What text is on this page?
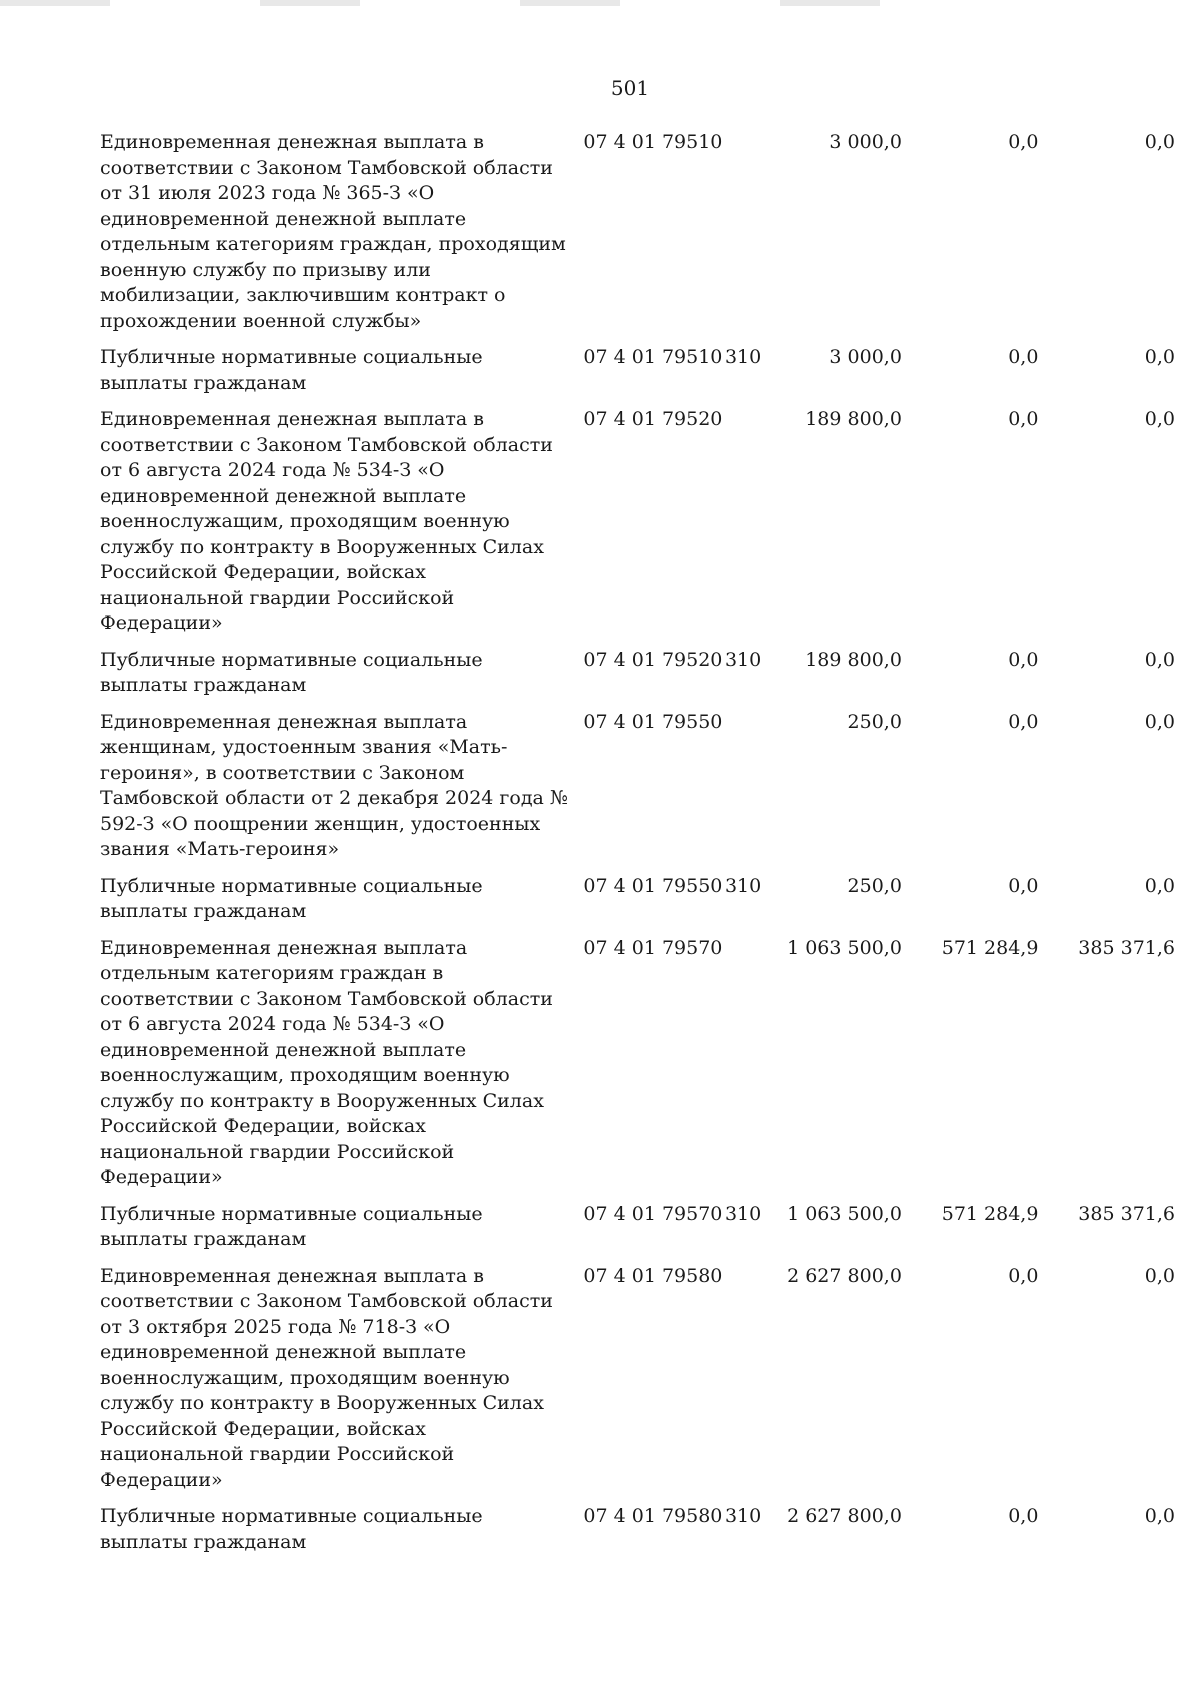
501
Единовременная денежная выплата в соответствии с Законом Тамбовской области от 31 июля 2023 года № 365-З «О единовременной денежной выплате отдельным категориям граждан, проходящим военную службу по призыву или мобилизации, заключившим контракт о прохождении военной службы»	07 4 01 79510		3 000,0	0,0	0,0
Публичные нормативные социальные выплаты гражданам	07 4 01 79510	310	3 000,0	0,0	0,0
Единовременная денежная выплата в соответствии с Законом Тамбовской области от 6 августа 2024 года № 534-З «О единовременной денежной выплате военнослужащим, проходящим военную службу по контракту в Вооруженных Силах Российской Федерации, войсках национальной гвардии Российской Федерации»	07 4 01 79520		189 800,0	0,0	0,0
Публичные нормативные социальные выплаты гражданам	07 4 01 79520	310	189 800,0	0,0	0,0
Единовременная денежная выплата женщинам, удостоенным звания «Мать-героиня», в соответствии с Законом Тамбовской области от 2 декабря 2024 года № 592-З «О поощрении женщин, удостоенных звания «Мать-героиня»	07 4 01 79550		250,0	0,0	0,0
Публичные нормативные социальные выплаты гражданам	07 4 01 79550	310	250,0	0,0	0,0
Единовременная денежная выплата отдельным категориям граждан в соответствии с Законом Тамбовской области от 6 августа 2024 года № 534-З «О единовременной денежной выплате военнослужащим, проходящим военную службу по контракту в Вооруженных Силах Российской Федерации, войсках национальной гвардии Российской Федерации»	07 4 01 79570		1 063 500,0	571 284,9	385 371,6
Публичные нормативные социальные выплаты гражданам	07 4 01 79570	310	1 063 500,0	571 284,9	385 371,6
Единовременная денежная выплата в соответствии с Законом Тамбовской области от 3 октября 2025 года № 718-З «О единовременной денежной выплате военнослужащим, проходящим военную службу по контракту в Вооруженных Силах Российской Федерации, войсках национальной гвардии Российской Федерации»	07 4 01 79580		2 627 800,0	0,0	0,0
Публичные нормативные социальные выплаты гражданам	07 4 01 79580	310	2 627 800,0	0,0	0,0
